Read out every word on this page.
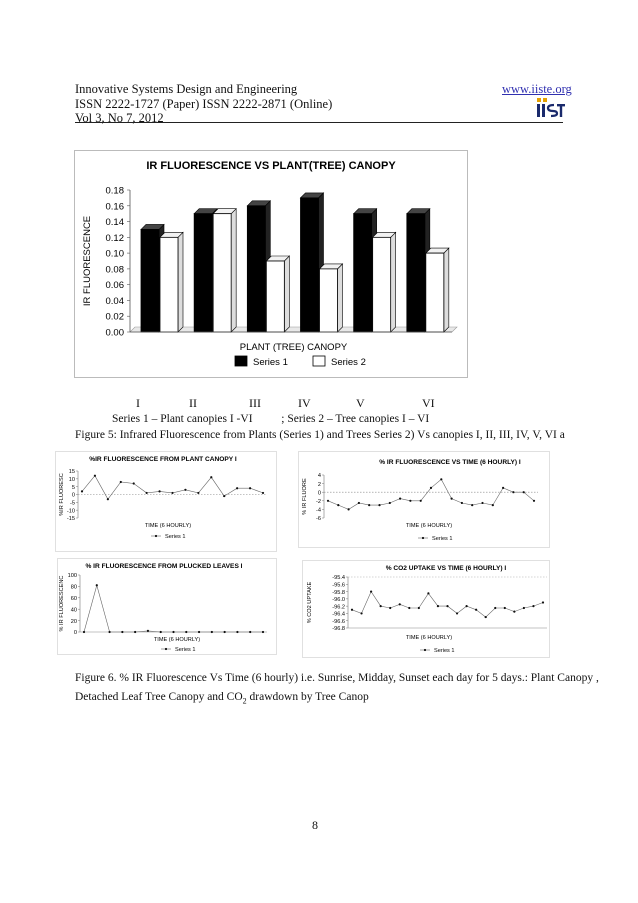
Innovative Systems Design and Engineering
ISSN 2222-1727 (Paper) ISSN 2222-2871 (Online)
Vol 3, No 7, 2012
www.iiste.org
IR FLUORESCENCE VS PLANT(TREE) CANOPY
0.00
0.02
0.04
0.06
0.08
0.10
0.12
0.14
0.16
0.18
IR FLUORESCENCE
PLANT (TREE) CANOPY
Series 1	Series 2
I	II	III	IV	V	VI
Series 1 – Plant canopies I -VI          ; Series 2 – Tree canopies I – VI
Figure 5: Infrared Fluorescence from Plants (Series 1) and Trees Series 2) Vs canopies I, II, III, IV, V, VI a
%IR FLUORESCENCE FROM PLANT CANOPY I
15
10
5
0
-5
-10
-15
%IR FLUORESC
TIME (6 HOURLY)
Series 1
% IR FLUORESCENCE VS TIME (6 HOURLY) I
4
2
0
-2
-4
-6
% IR FLUORE
TIME (6 HOURLY)
Series 1
% IR FLUORESCENCE FROM PLUCKED LEAVES I
100
80
60
40
20
0
% IR FLUORESCENC
TIME (6 HOURLY)
Series 1
% CO2 UPTAKE VS TIME (6 HOURLY) I
-95.4
-95.6
-95.8
-96.0
-96.2
-96.4
-96.6
-96.8
% CO2 UPTAKE
TIME (6 HOURLY)
Series 1
Figure 6. % IR Fluorescence Vs Time (6 hourly) i.e. Sunrise, Midday, Sunset each day for 5 days.: Plant Canopy ,
Detached Leaf Tree Canopy and $CO_2$ drawdown by Tree Canop
8
